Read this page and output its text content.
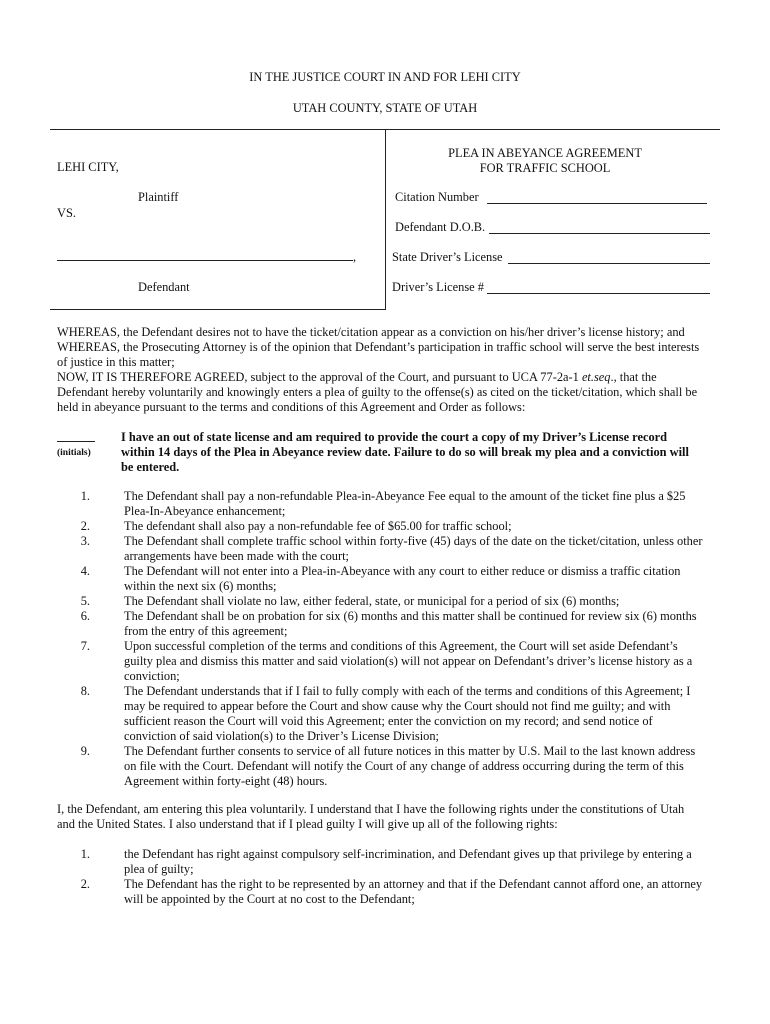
IN THE JUSTICE COURT IN AND FOR LEHI CITY
UTAH COUNTY, STATE OF UTAH
LEHI CITY,
Plaintiff
VS.
,
Defendant
PLEA IN ABEYANCE AGREEMENT
FOR TRAFFIC SCHOOL
Citation Number
Defendant D.O.B.
State Driver’s License
Driver’s License #
WHEREAS, the Defendant desires not to have the ticket/citation appear as a conviction on his/her driver’s license history; and
WHEREAS, the Prosecuting Attorney is of the opinion that Defendant’s participation in traffic school will serve the best interests
of justice in this matter;
NOW, IT IS THEREFORE AGREED, subject to the approval of the Court, and pursuant to UCA 77-2a-1 et.seq., that the
Defendant hereby voluntarily and knowingly enters a plea of guilty to the offense(s) as cited on the ticket/citation, which shall be
held in abeyance pursuant to the terms and conditions of this Agreement and Order as follows:
(initials)
I have an out of state license and am required to provide the court a copy of my Driver’s License record
within 14 days of the Plea in Abeyance review date. Failure to do so will break my plea and a conviction will
be entered.
1.	The Defendant shall pay a non-refundable Plea-in-Abeyance Fee equal to the amount of the ticket fine plus a $25
Plea-In-Abeyance enhancement;
2.	The defendant shall also pay a non-refundable fee of $65.00 for traffic school;
3.	The Defendant shall complete traffic school within forty-five (45) days of the date on the ticket/citation, unless other
arrangements have been made with the court;
4.	The Defendant will not enter into a Plea-in-Abeyance with any court to either reduce or dismiss a traffic citation
within the next six (6) months;
5.	The Defendant shall violate no law, either federal, state, or municipal for a period of six (6) months;
6.	The Defendant shall be on probation for six (6) months and this matter shall be continued for review six (6) months
from the entry of this agreement;
7.	Upon successful completion of the terms and conditions of this Agreement, the Court will set aside Defendant’s
guilty plea and dismiss this matter and said violation(s) will not appear on Defendant’s driver’s license history as a
conviction;
8.	The Defendant understands that if I fail to fully comply with each of the terms and conditions of this Agreement; I
may be required to appear before the Court and show cause why the Court should not find me guilty; and with
sufficient reason the Court will void this Agreement; enter the conviction on my record; and send notice of
conviction of said violation(s) to the Driver’s License Division;
9.	The Defendant further consents to service of all future notices in this matter by U.S. Mail to the last known address
on file with the Court. Defendant will notify the Court of any change of address occurring during the term of this
Agreement within forty-eight (48) hours.
I, the Defendant, am entering this plea voluntarily. I understand that I have the following rights under the constitutions of Utah
and the United States. I also understand that if I plead guilty I will give up all of the following rights:
1.	the Defendant has right against compulsory self-incrimination, and Defendant gives up that privilege by entering a
plea of guilty;
2.	The Defendant has the right to be represented by an attorney and that if the Defendant cannot afford one, an attorney
will be appointed by the Court at no cost to the Defendant;
